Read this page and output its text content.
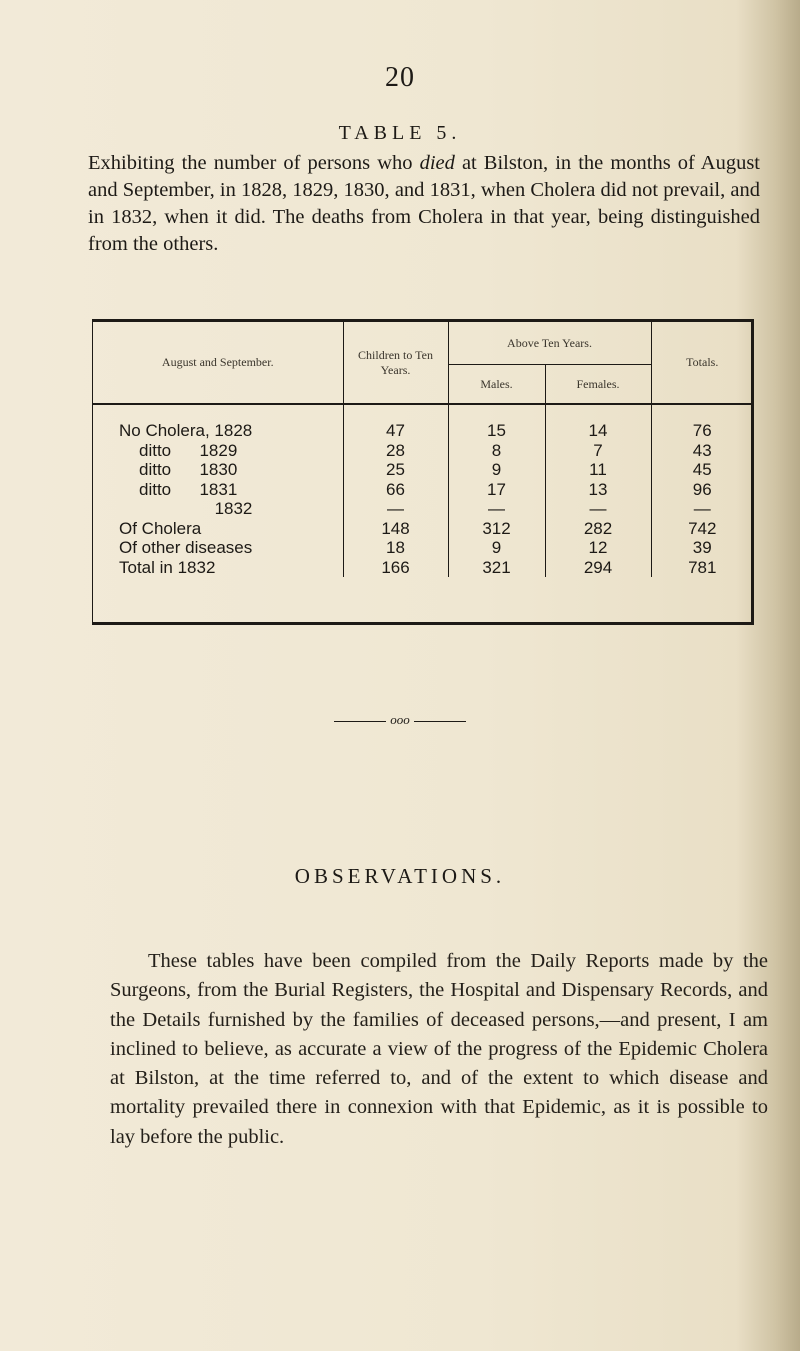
20
TABLE 5.
Exhibiting the number of persons who died at Bilston, in the months of August and September, in 1828, 1829, 1830, and 1831, when Cholera did not prevail, and in 1832, when it did. The deaths from Cholera in that year, being distinguished from the others.
August and September.	Children to Ten Years.	Above Ten Years.		Totals.
		Males.	Females.	
No Cholera, 1828	47	15	14	76
ditto      1829	28	8	7	43
ditto      1830	25	9	11	45
ditto      1831	66	17	13	96
1832	—	—	—	—
Of Cholera	148	312	282	742
Of other diseases	18	9	12	39
Total in 1832	166	321	294	781
ooo
OBSERVATIONS.
These tables have been compiled from the Daily Reports made by the Surgeons, from the Burial Registers, the Hospital and Dispensary Records, and the Details furnished by the families of deceased persons,—and present, I am inclined to believe, as accurate a view of the progress of the Epidemic Cholera at Bilston, at the time referred to, and of the extent to which disease and mortality prevailed there in connexion with that Epidemic, as it is possible to lay before the public.
